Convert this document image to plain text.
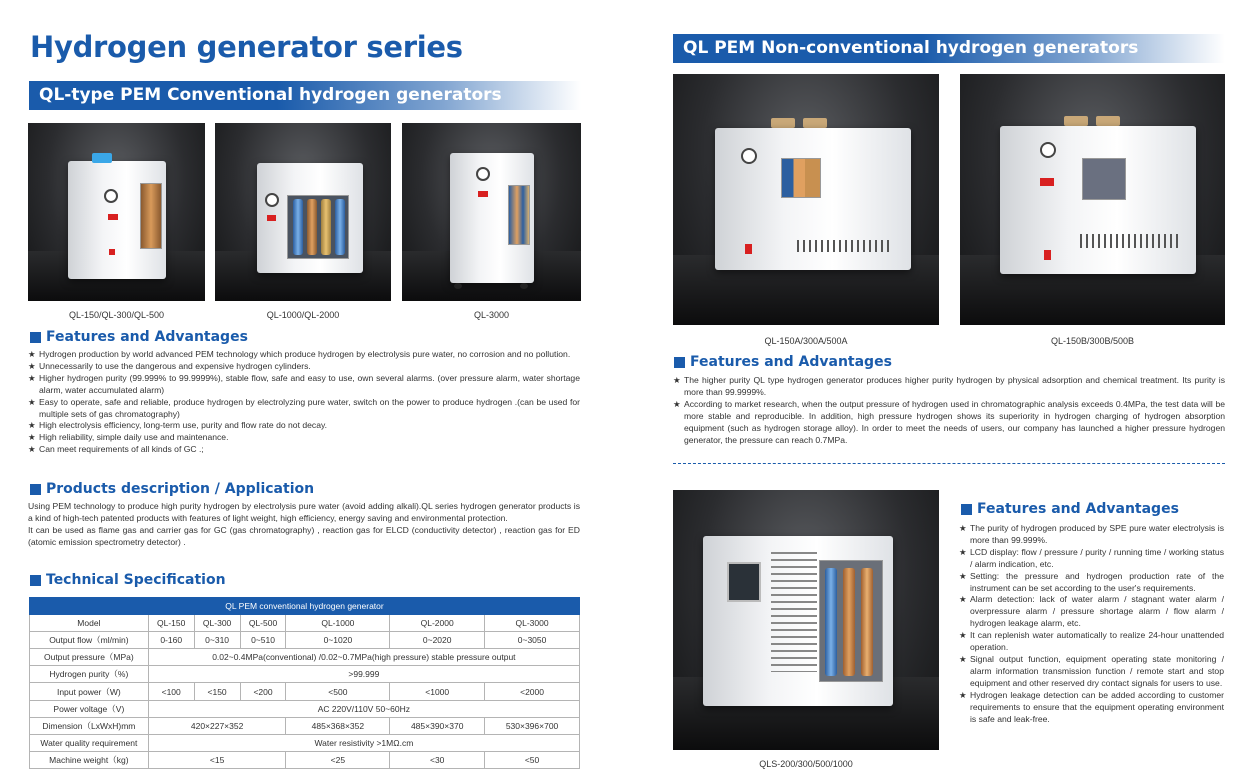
Hydrogen generator series
QL-type PEM Conventional hydrogen generators
QL-150/QL-300/QL-500	QL-1000/QL-2000	QL-3000
Features and Advantages
★ Hydrogen production by world advanced PEM technology which produce hydrogen by electrolysis pure water, no corrosion and no pollution.
★ Unnecessarily to use the dangerous and expensive hydrogen cylinders.
★ Higher hydrogen purity (99.999% to 99.9999%), stable flow, safe and easy to use, own several alarms. (over pressure alarm, water shortage alarm, water accumulated alarm)
★ Easy to operate, safe and reliable, produce hydrogen by electrolyzing pure water, switch on the power to produce hydrogen .(can be used for multiple sets of gas chromatography)
★ High electrolysis efficiency, long-term use, purity and flow rate do not decay.
★ High reliability, simple daily use and maintenance.
★ Can meet requirements of all kinds of GC .;
Products description / Application
Using PEM technology to produce high purity hydrogen by electrolysis pure water (avoid adding alkali).QL series hydrogen generator products is a kind of high-tech patented products with features of light weight, high efficiency, energy saving and environmental protection.
It can be used as flame gas and carrier gas for GC (gas chromatography) , reaction gas for ELCD (conductivity detector) , reaction gas for ED (atomic emission spectrometry detector) .
Technical Specification
QL PEM conventional hydrogen generator						
Model	QL-150	QL-300	QL-500	QL-1000	QL-2000	QL-3000
Output flow（ml/min)	0-160	0~310	0~510	0~1020	0~2020	0~3050
Output pressure（MPa)	0.02~0.4MPa(conventional) /0.02~0.7MPa(high pressure) stable pressure output					
Hydrogen purity（%)	>99.999					
Input power（W)	<100	<150	<200	<500	<1000	<2000
Power voltage（V)	AC 220V/110V 50~60Hz					
Dimension（LxWxH)mm	420×227×352			485×368×352	485×390×370	530×396×700
Water quality requirement	Water resistivity >1MΩ.cm					
Machine weight（kg)	<15			<25	<30	<50
QL PEM Non-conventional hydrogen generators
QL-150A/300A/500A	QL-150B/300B/500B
Features and Advantages
★ The higher purity QL type hydrogen generator produces higher purity hydrogen by physical adsorption and chemical treatment. Its purity is more than 99.9999%.
★ According to market research, when the output pressure of hydrogen used in chromatographic analysis exceeds 0.4MPa, the test data will be more stable and reproducible. In addition, high pressure hydrogen shows its superiority in hydrogen charging of hydrogen absorption equipment (such as hydrogen storage alloy). In order to meet the needs of users, our company has launched a higher pressure hydrogen generator, the pressure can reach 0.7MPa.
QLS-200/300/500/1000
Features and Advantages
★ The purity of hydrogen produced by SPE pure water electrolysis is more than 99.999%.
★ LCD display: flow / pressure / purity / running time / working status / alarm indication, etc.
★ Setting: the pressure and hydrogen production rate of the instrument can be set according to the user's requirements.
★ Alarm detection: lack of water alarm / stagnant water alarm / overpressure alarm / pressure shortage alarm / flow alarm / hydrogen leakage alarm, etc.
★ It can replenish water automatically to realize 24-hour unattended operation.
★ Signal output function, equipment operating state monitoring / alarm information transmission function / remote start and stop equipment and other reserved dry contact signals for users to use.
★ Hydrogen leakage detection can be added according to customer requirements to ensure that the equipment operating environment is safe and leak-free.
